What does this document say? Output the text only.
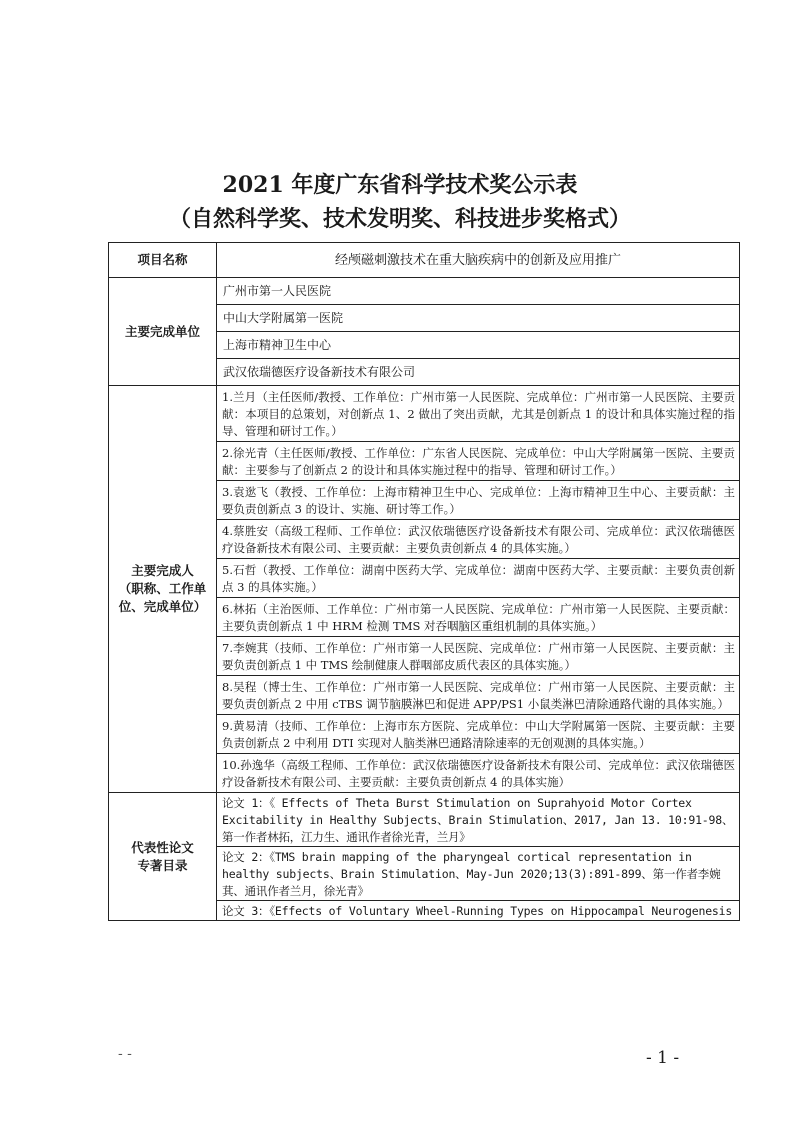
2021 年度广东省科学技术奖公示表
（自然科学奖、技术发明奖、科技进步奖格式）
项目名称	经颅磁刺激技术在重大脑疾病中的创新及应用推广
主要完成单位	广州市第一人民医院
	中山大学附属第一医院
	上海市精神卫生中心
	武汉依瑞德医疗设备新技术有限公司

主要完成人
（职称、工作单
位、完成单位）	1.兰月（主任医师/教授、工作单位：广州市第一人民医院、完成单位：广州市第一人民医院、主要贡献：本项目的总策划，对创新点 1、2 做出了突出贡献，尤其是创新点 1 的设计和具体实施过程的指导、管理和研讨工作。）
	2.徐光青（主任医师/教授、工作单位：广东省人民医院、完成单位：中山大学附属第一医院、主要贡献：主要参与了创新点 2 的设计和具体实施过程中的指导、管理和研讨工作。）
	3.袁逖飞（教授、工作单位：上海市精神卫生中心、完成单位：上海市精神卫生中心、主要贡献：主要负责创新点 3 的设计、实施、研讨等工作。）
	4.蔡胜安（高级工程师、工作单位：武汉依瑞德医疗设备新技术有限公司、完成单位：武汉依瑞德医疗设备新技术有限公司、主要贡献：主要负责创新点 4 的具体实施。）
	5.石哲（教授、工作单位：湖南中医药大学、完成单位：湖南中医药大学、主要贡献：主要负责创新点 3 的具体实施。）
	6.林拓（主治医师、工作单位：广州市第一人民医院、完成单位：广州市第一人民医院、主要贡献：主要负责创新点 1 中 HRM 检测 TMS 对吞咽脑区重组机制的具体实施。）
	7.李婉萁（技师、工作单位：广州市第一人民医院、完成单位：广州市第一人民医院、主要贡献：主要负责创新点 1 中 TMS 绘制健康人群咽部皮质代表区的具体实施。）
	8.吴程（博士生、工作单位：广州市第一人民医院、完成单位：广州市第一人民医院、主要贡献：主要负责创新点 2 中用 cTBS 调节脑膜淋巴和促进 APP/PS1 小鼠类淋巴清除通路代谢的具体实施。）
	9.黄易清（技师、工作单位：上海市东方医院、完成单位：中山大学附属第一医院、主要贡献：主要负责创新点 2 中利用 DTI 实现对人脑类淋巴通路清除速率的无创观测的具体实施。）
	10.孙逸华（高级工程师、工作单位：武汉依瑞德医疗设备新技术有限公司、完成单位：武汉依瑞德医疗设备新技术有限公司、主要贡献：主要负责创新点 4 的具体实施）

代表性论文
专著目录	论文 1：《 Effects of Theta Burst Stimulation on Suprahyoid Motor Cortex Excitability in Healthy Subjects、Brain Stimulation、2017, Jan 13. 10:91-98、第一作者林拓，江力生、通讯作者徐光青，兰月》
	论文 2：《TMS brain mapping of the pharyngeal cortical representation in healthy subjects、Brain Stimulation、May-Jun 2020;13(3):891-899、第一作者李婉萁、通讯作者兰月，徐光青》
	论文 3：《Effects of Voluntary Wheel-Running Types on Hippocampal Neurogenesis
- -	- 1 -
